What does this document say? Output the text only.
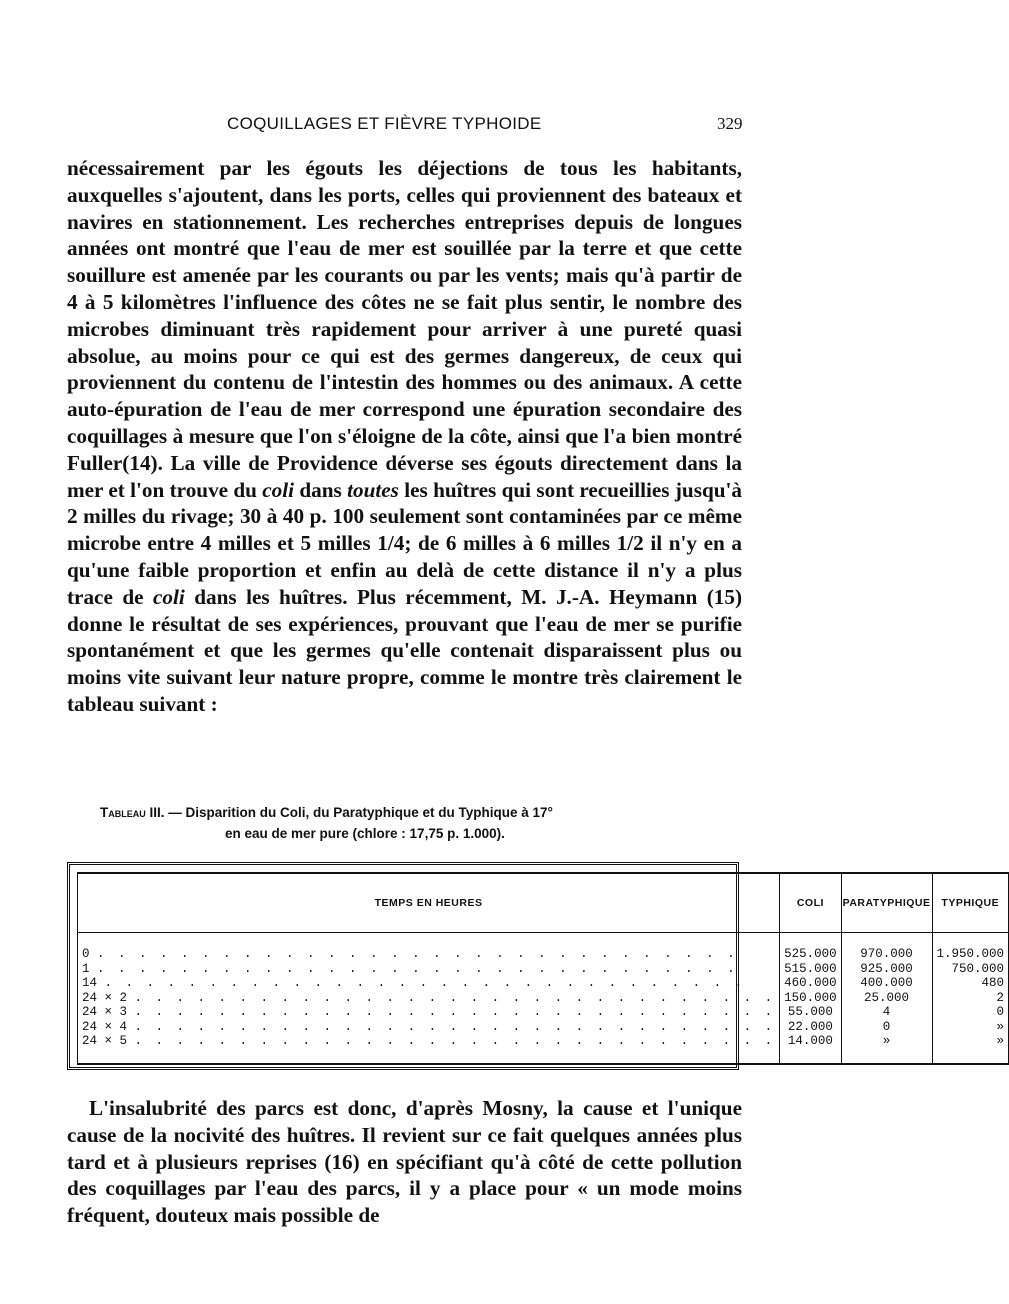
COQUILLAGES ET FIÈVRE TYPHOIDE	329

nécessairement par les égouts les déjections de tous les habitants, auxquelles s'ajoutent, dans les ports, celles qui proviennent des bateaux et navires en stationnement. Les recherches entreprises depuis de longues années ont montré que l'eau de mer est souillée par la terre et que cette souillure est amenée par les courants ou par les vents; mais qu'à partir de 4 à 5 kilomètres l'influence des côtes ne se fait plus sentir, le nombre des microbes diminuant très rapidement pour arriver à une pureté quasi absolue, au moins pour ce qui est des germes dangereux, de ceux qui proviennent du contenu de l'intestin des hommes ou des animaux. A cette auto-épuration de l'eau de mer correspond une épuration secondaire des coquillages à mesure que l'on s'éloigne de la côte, ainsi que l'a bien montré Fuller(14). La ville de Providence déverse ses égouts directement dans la mer et l'on trouve du coli dans toutes les huîtres qui sont recueillies jusqu'à 2 milles du rivage; 30 à 40 p. 100 seulement sont contaminées par ce même microbe entre 4 milles et 5 milles 1/4; de 6 milles à 6 milles 1/2 il n'y en a qu'une faible proportion et enfin au delà de cette distance il n'y a plus trace de coli dans les huîtres. Plus récemment, M. J.-A. Heymann (15) donne le résultat de ses expériences, prouvant que l'eau de mer se purifie spontanément et que les germes qu'elle contenait disparaissent plus ou moins vite suivant leur nature propre, comme le montre très clairement le tableau suivant :

Tableau III. — Disparition du Coli, du Paratyphique et du Typhique à 17°
en eau de mer pure (chlore : 17,75 p. 1.000).
TEMPS EN HEURES	COLI	PARATYPHIQUE	TYPHIQUE
0 . . . . . . . . . . . . . . . . . . . . . . . . . . . . . . .	525.000	970.000	1.950.000
1 . . . . . . . . . . . . . . . . . . . . . . . . . . . . . . .	515.000	925.000	750.000
14 . . . . . . . . . . . . . . . . . . . . . . . . . . . . . . .	460.000	400.000	480
24 × 2 . . . . . . . . . . . . . . . . . . . . . . . . . . . . . . .	150.000	25.000	2
24 × 3 . . . . . . . . . . . . . . . . . . . . . . . . . . . . . . .	55.000	4	0
24 × 4 . . . . . . . . . . . . . . . . . . . . . . . . . . . . . . .	22.000	0	»
24 × 5 . . . . . . . . . . . . . . . . . . . . . . . . . . . . . . .	14.000	»	»

L'insalubrité des parcs est donc, d'après Mosny, la cause et l'unique cause de la nocivité des huîtres. Il revient sur ce fait quelques années plus tard et à plusieurs reprises (16) en spécifiant qu'à côté de cette pollution des coquillages par l'eau des parcs, il y a place pour « un mode moins fréquent, douteux mais possible de
